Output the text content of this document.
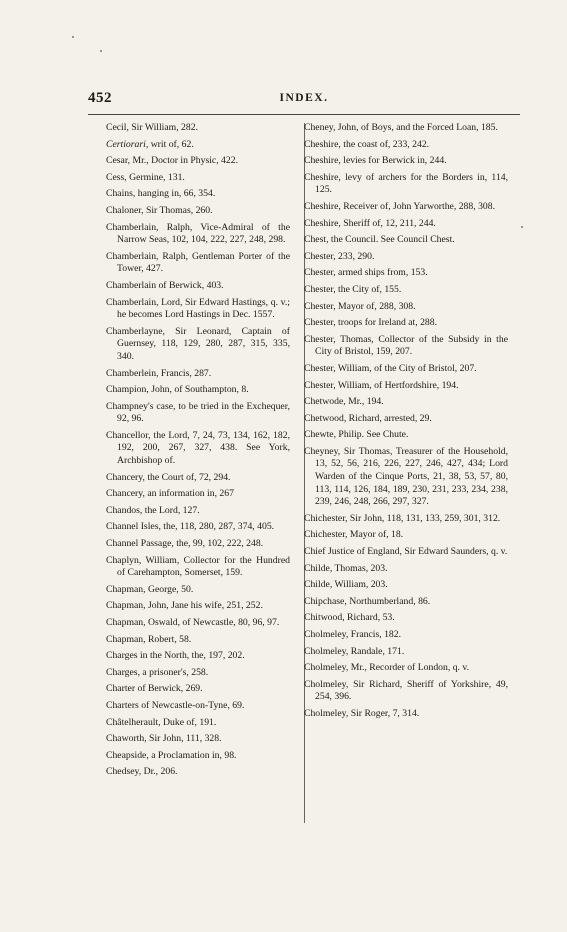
452	INDEX.

Cecil, Sir William, 282.

Certiorari, writ of, 62.

Cesar, Mr., Doctor in Physic, 422.

Cess, Germine, 131.

Chains, hanging in, 66, 354.

Chaloner, Sir Thomas, 260.

Chamberlain, Ralph, Vice-Admiral of the Narrow Seas, 102, 104, 222, 227, 248, 298.

Chamberlain, Ralph, Gentleman Porter of the Tower, 427.

Chamberlain of Berwick, 403.

Chamberlain, Lord, Sir Edward Hastings, q. v.; he becomes Lord Hastings in Dec. 1557.

Chamberlayne, Sir Leonard, Captain of Guernsey, 118, 129, 280, 287, 315, 335, 340.

Chamberlein, Francis, 287.

Champion, John, of Southampton, 8.

Champney's case, to be tried in the Exchequer, 92, 96.

Chancellor, the Lord, 7, 24, 73, 134, 162, 182, 192, 200, 267, 327, 438. See York, Archbishop of.

Chancery, the Court of, 72, 294.

Chancery, an information in, 267

Chandos, the Lord, 127.

Channel Isles, the, 118, 280, 287, 374, 405.

Channel Passage, the, 99, 102, 222, 248.

Chaplyn, William, Collector for the Hundred of Carehampton, Somerset, 159.

Chapman, George, 50.

Chapman, John, Jane his wife, 251, 252.

Chapman, Oswald, of Newcastle, 80, 96, 97.

Chapman, Robert, 58.

Charges in the North, the, 197, 202.

Charges, a prisoner's, 258.

Charter of Berwick, 269.

Charters of Newcastle-on-Tyne, 69.

Châtelherault, Duke of, 191.

Chaworth, Sir John, 111, 328.

Cheapside, a Proclamation in, 98.

Chedsey, Dr., 206.

Cheney, John, of Boys, and the Forced Loan, 185.

Cheshire, the coast of, 233, 242.

Cheshire, levies for Berwick in, 244.

Cheshire, levy of archers for the Borders in, 114, 125.

Cheshire, Receiver of, John Yarworthe, 288, 308.

Cheshire, Sheriff of, 12, 211, 244.

Chest, the Council. See Council Chest.

Chester, 233, 290.

Chester, armed ships from, 153.

Chester, the City of, 155.

Chester, Mayor of, 288, 308.

Chester, troops for Ireland at, 288.

Chester, Thomas, Collector of the Subsidy in the City of Bristol, 159, 207.

Chester, William, of the City of Bristol, 207.

Chester, William, of Hertfordshire, 194.

Chetwode, Mr., 194.

Chetwood, Richard, arrested, 29.

Chewte, Philip. See Chute.

Cheyney, Sir Thomas, Treasurer of the Household, 13, 52, 56, 216, 226, 227, 246, 427, 434; Lord Warden of the Cinque Ports, 21, 38, 53, 57, 80, 113, 114, 126, 184, 189, 230, 231, 233, 234, 238, 239, 246, 248, 266, 297, 327.

Chichester, Sir John, 118, 131, 133, 259, 301, 312.

Chichester, Mayor of, 18.

Chief Justice of England, Sir Edward Saunders, q. v.

Childe, Thomas, 203.

Childe, William, 203.

Chipchase, Northumberland, 86.

Chitwood, Richard, 53.

Cholmeley, Francis, 182.

Cholmeley, Randale, 171.

Cholmeley, Mr., Recorder of London, q. v.

Cholmeley, Sir Richard, Sheriff of Yorkshire, 49, 254, 396.

Cholmeley, Sir Roger, 7, 314.
